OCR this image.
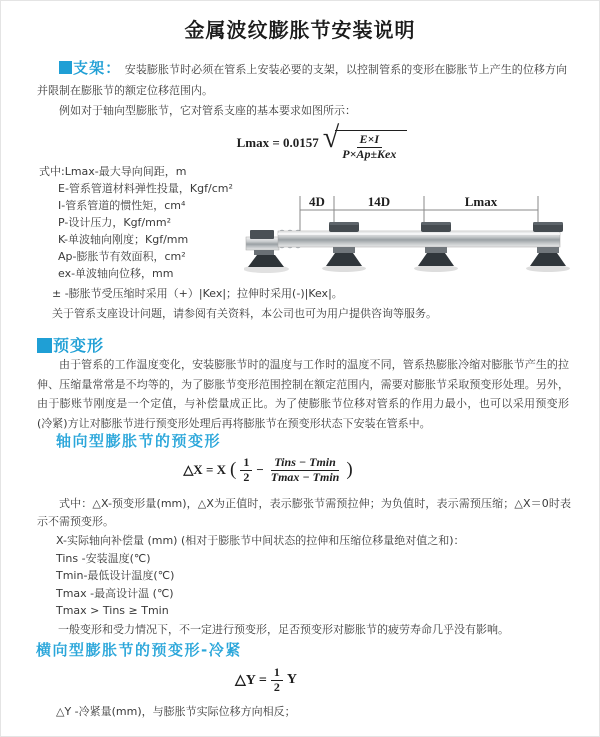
金属波纹膨胀节安装说明
支架： 安装膨胀节时必须在管系上安装必要的支架，以控制管系的变形在膨胀节上产生的位移方向并限制在膨胀节的额定位移范围内。
例如对于轴向型膨胀节，它对管系支座的基本要求如图所示：
Lmax = 0.0157 √ E×I
P×Ap±Kex
式中:Lmax-最大导向间距，m
E-管系管道材料弹性投量，Kgf/cm²
I-管系管道的惯性矩，cm⁴
P-设计压力，Kgf/mm²
K-单波轴向刚度；Kgf/mm
Ap-膨胀节有效面积，cm²
ex-单波轴向位移，mm
± -膨胀节受压缩时采用（+）|Kex|；拉伸时采用(-)|Kex|。
关于管系支座设计问题，请参阅有关资料，本公司也可为用户提供咨询等服务。
4D	14D	Lmax
预变形
由于管系的工作温度变化，安装膨胀节时的温度与工作时的温度不同，管系热膨胀冷缩对膨胀节产生的拉伸、压缩量常常是不均等的，为了膨胀节变形范围控制在额定范围内，需要对膨胀节采取预变形处理。另外，由于膨账节刚度是一个定值，与补偿量成正比。为了使膨胀节位移对管系的作用力最小，也可以采用预变形(冷紧)方让对膨胀节进行预变形处理后再将膨胀节在预变形状态下安装在管系中。
轴向型膨胀节的预变形
△X = X ( $\frac{1}{2}$ −
Tins − Tmin
Tmax − Tmin )
式中：△X-预变形量(mm)，△X为正值时，表示膨张节需预拉伸；为负值时，表示需预压缩；△X＝0时表示不需预变形。
X-实际轴向补偿量 (mm) (相对于膨胀节中间状态的拉伸和压缩位移量绝对值之和)：
Tins -安装温度(℃)
Tmin-最低设计温度(℃)
Tmax -最高设计温 (℃)
Tmax > Tins ≥ Tmin
一般变形和受力情况下，不一定进行预变形，足否预变形对膨胀节的疲劳寿命几乎没有影响。
横向型膨胀节的预变形-冷紧
△Y = $\frac{1}{2}$ Y
△Y -冷紧量(mm)，与膨胀节实际位移方向相反；
